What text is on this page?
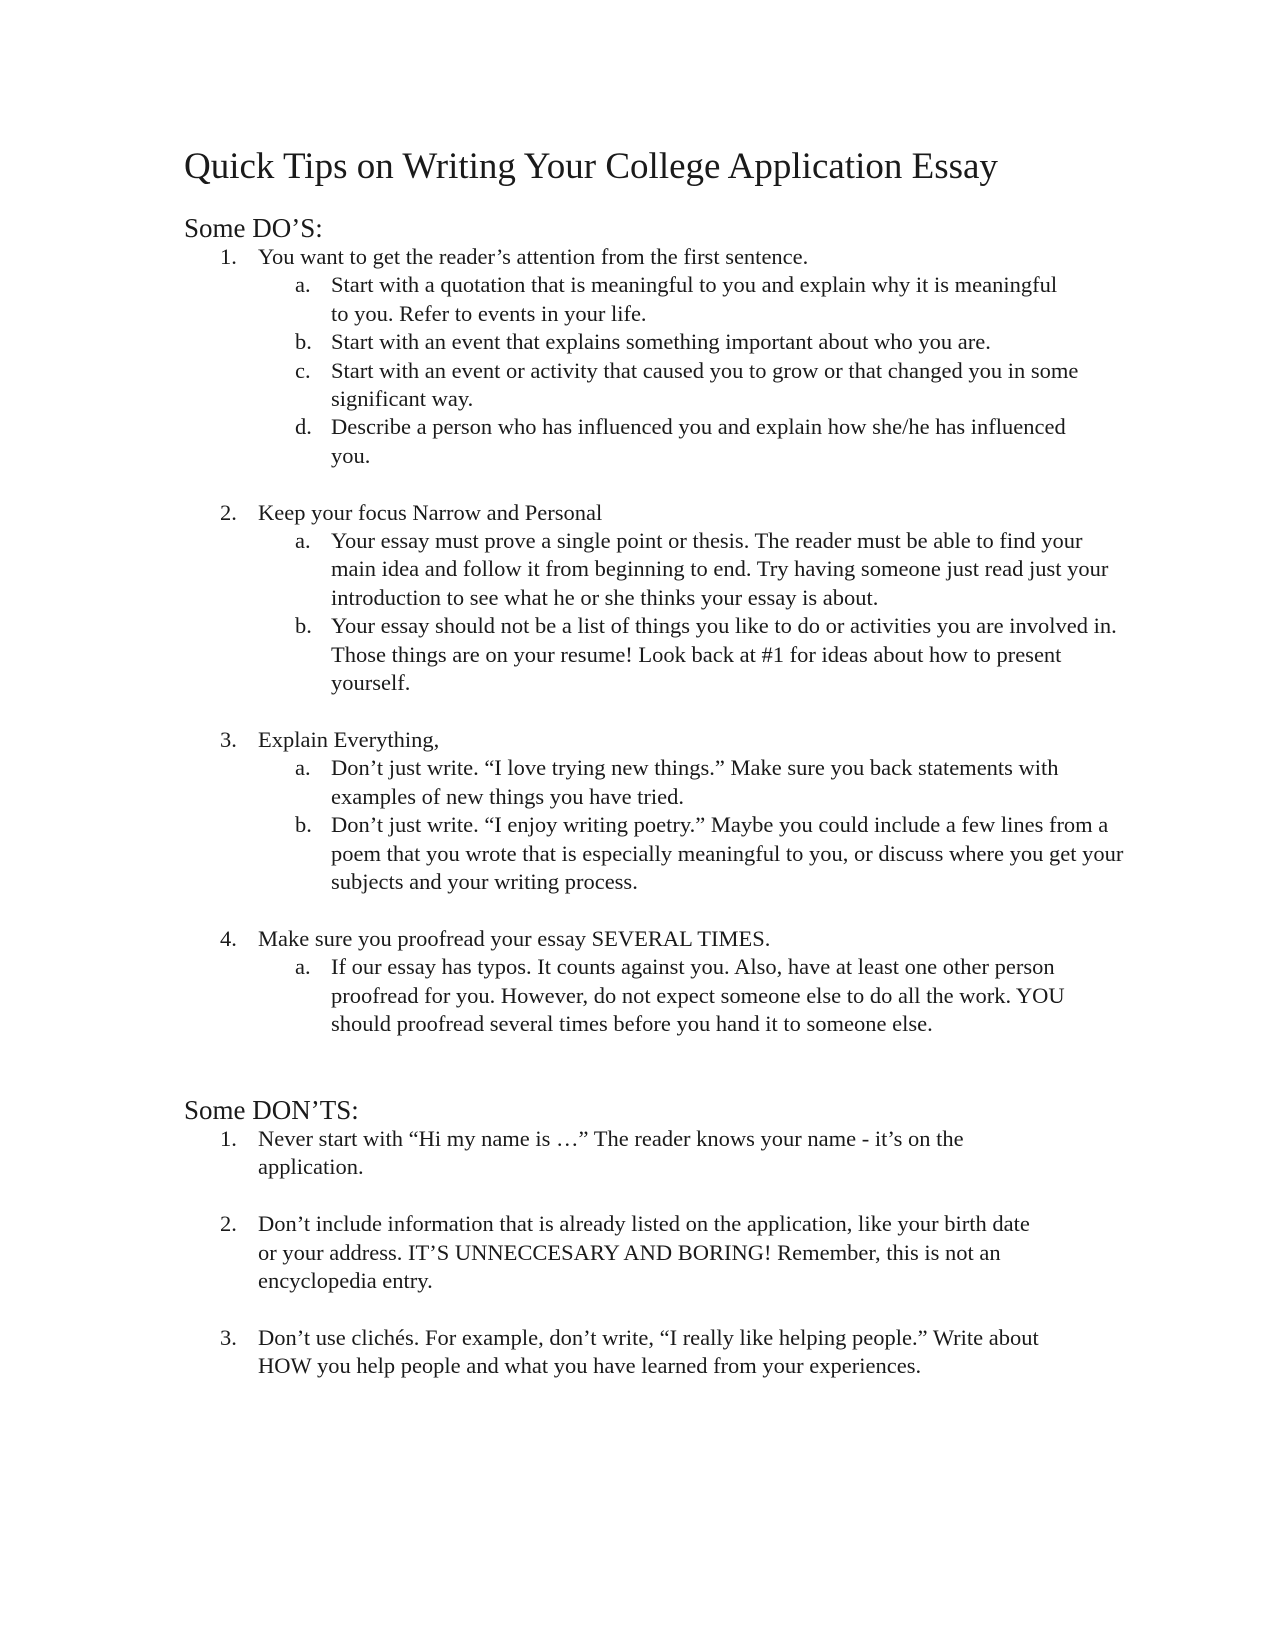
Quick Tips on Writing Your College Application Essay
Some DO’S:
1. You want to get the reader’s attention from the first sentence.
a. Start with a quotation that is meaningful to you and explain why it is meaningful to you. Refer to events in your life.
b. Start with an event that explains something important about who you are.
c. Start with an event or activity that caused you to grow or that changed you in some significant way.
d. Describe a person who has influenced you and explain how she/he has influenced you.
2. Keep your focus Narrow and Personal
a. Your essay must prove a single point or thesis. The reader must be able to find your main idea and follow it from beginning to end. Try having someone just read just your introduction to see what he or she thinks your essay is about.
b. Your essay should not be a list of things you like to do or activities you are involved in. Those things are on your resume! Look back at #1 for ideas about how to present yourself.
3. Explain Everything,
a. Don’t just write. “I love trying new things.” Make sure you back statements with examples of new things you have tried.
b. Don’t just write. “I enjoy writing poetry.” Maybe you could include a few lines from a poem that you wrote that is especially meaningful to you, or discuss where you get your subjects and your writing process.
4. Make sure you proofread your essay SEVERAL TIMES.
a. If our essay has typos. It counts against you. Also, have at least one other person proofread for you. However, do not expect someone else to do all the work. YOU should proofread several times before you hand it to someone else.
Some DON’TS:
1. Never start with “Hi my name is …” The reader knows your name - it’s on the application.
2. Don’t include information that is already listed on the application, like your birth date or your address. IT’S UNNECCESARY AND BORING! Remember, this is not an encyclopedia entry.
3. Don’t use clichés. For example, don’t write, “I really like helping people.” Write about HOW you help people and what you have learned from your experiences.
